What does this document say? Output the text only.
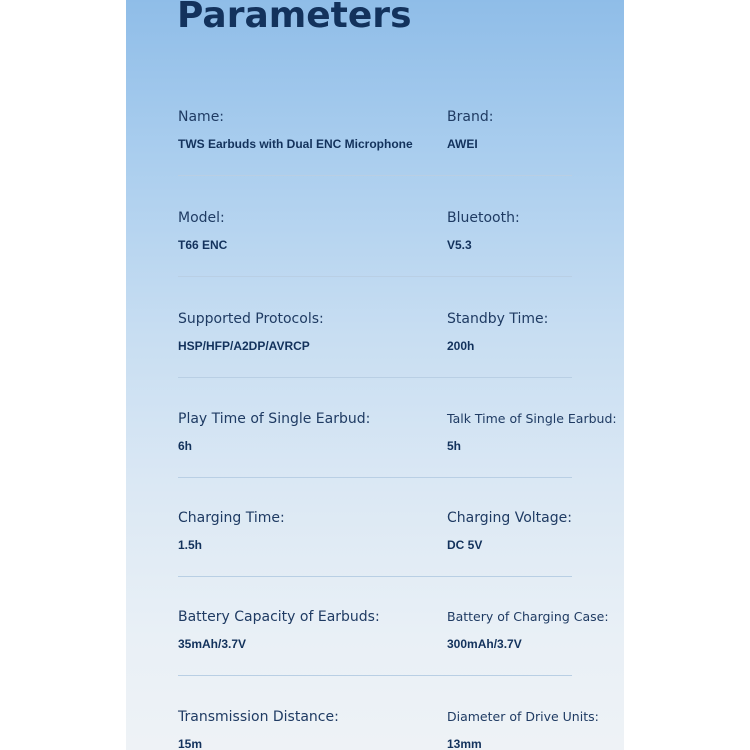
Parameters
Name:
TWS Earbuds with Dual ENC Microphone
Brand:
AWEI
Model:
T66 ENC
Bluetooth:
V5.3
Supported Protocols:
HSP/HFP/A2DP/AVRCP
Standby Time:
200h
Play Time of Single Earbud:
6h
Talk Time of Single Earbud:
5h
Charging Time:
1.5h
Charging Voltage:
DC 5V
Battery Capacity of Earbuds:
35mAh/3.7V
Battery of Charging Case:
300mAh/3.7V
Transmission Distance:
15m
Diameter of Drive Units:
13mm
